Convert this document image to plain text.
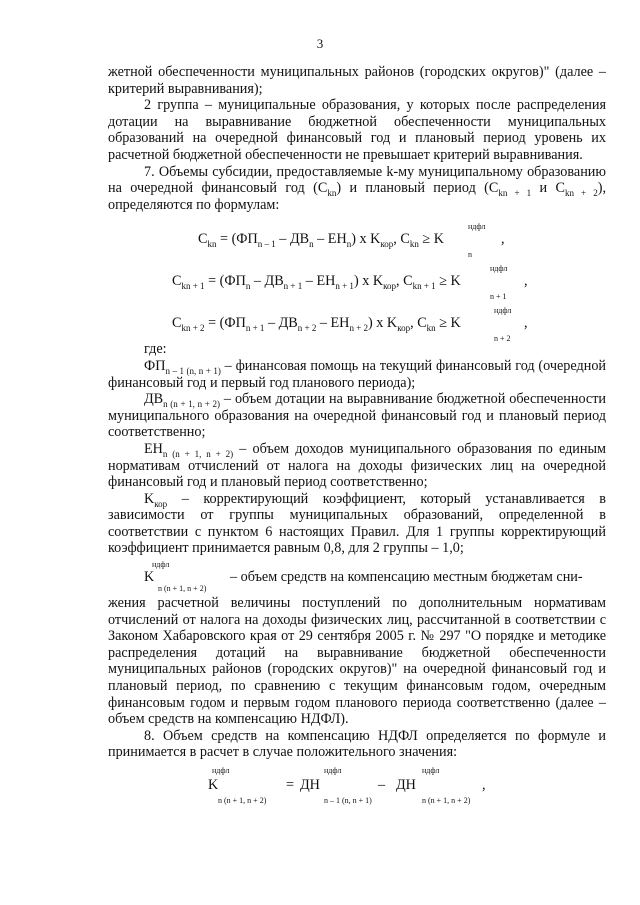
3

жетной обеспеченности муниципальных районов (городских округов)" (далее – критерий выравнивания);

2 группа – муниципальные образования, у которых после распределения дотации на выравнивание бюджетной обеспеченности муниципальных образований на очередной финансовый год и плановый период уровень их расчетной бюджетной обеспеченности не превышает критерий выравнивания.

7. Объемы субсидии, предоставляемые k-му муниципальному образованию на очередной финансовый год $(C_{kn})$ и плановый период ($C_{kn + 1}$ и $C_{kn + 2}$), определяются по формулам:

$C_{kn} = (ФП_{n - 1} - ДВ_n - ЕН_n)$ x $K_{кор}$, $C_{kn} \ge K$
ндфл
n
,
$C_{kn + 1} = (ФП_n - ДВ_{n + 1} - ЕН_{n + 1})$ x $K_{кор}$, $C_{kn + 1} \ge K$
ндфл
n + 1
,
$C_{kn + 2} = (ФП_{n + 1} - ДВ_{n + 2} - ЕН_{n + 2})$ x $K_{кор}$, $C_{kn} \ge K$
ндфл
n + 2
,

где:

$ФП_{n - 1 (n, n + 1)}$ – финансовая помощь на текущий финансовый год (очередной финансовый год и первый год планового периода);

$ДВ_{n (n + 1, n + 2)}$ – объем дотации на выравнивание бюджетной обеспеченности муниципального образования на очередной финансовый год и плановый период соответственно;

$ЕН_{n (n + 1, n + 2)}$ – объем доходов муниципального образования по единым нормативам отчислений от налога на доходы физических лиц на очередной финансовый год и плановый период соответственно;

$K_{кор}$ – корректирующий коэффициент, который устанавливается в зависимости от группы муниципальных образований, определенной в соответствии с пунктом 6 настоящих Правил. Для 1 группы корректирующий коэффициент принимается равным 0,8, для 2 группы – 1,0;

ндфл
K
n (n + 1, n + 2)
– объем средств на компенсацию местным бюджетам сни-

жения расчетной величины поступлений по дополнительным нормативам отчислений от налога на доходы физических лиц, рассчитанной в соответствии с Законом Хабаровского края от 29 сентября 2005 г. № 297 "О порядке и методике распределения дотаций на выравнивание бюджетной обеспеченности муниципальных районов (городских округов)" на очередной финансовый год и плановый период, по сравнению с текущим финансовым годом, очередным финансовым годом и первым годом планового периода соответственно (далее – объем средств на компенсацию НДФЛ).

8. Объем средств на компенсацию НДФЛ определяется по формуле и принимается в расчет в случае положительного значения:

ндфл
K
n (n + 1, n + 2)
= ДН
ндфл
n – 1 (n, n + 1)
– ДН
ндфл
n (n + 1, n + 2)
,
